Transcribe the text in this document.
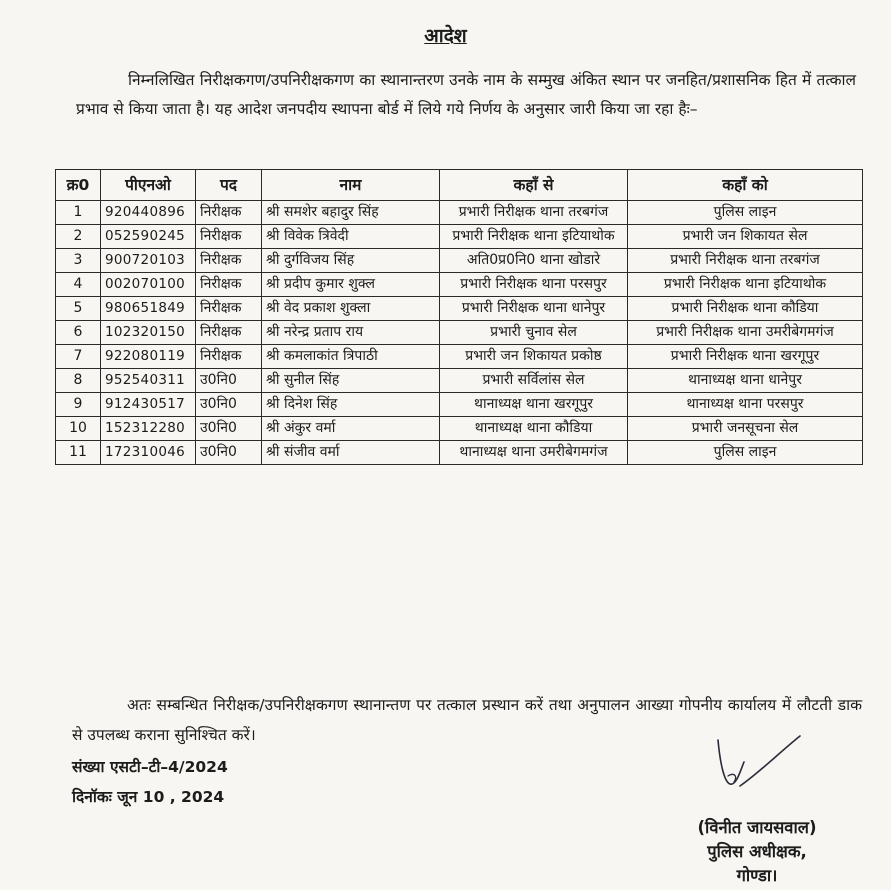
आदेश
निम्नलिखित निरीक्षकगण/उपनिरीक्षकगण का स्थानान्तरण उनके नाम के सम्मुख अंकित स्थान पर जनहित/प्रशासनिक हित में तत्काल प्रभाव से किया जाता है। यह आदेश जनपदीय स्थापना बोर्ड में लिये गये निर्णय के अनुसार जारी किया जा रहा हैः–
क्र0	पीएनओ	पद	नाम	कहाँ से	कहाँ को
1	920440896	निरीक्षक	श्री समशेर बहादुर सिंह	प्रभारी निरीक्षक थाना तरबगंज	पुलिस लाइन
2	052590245	निरीक्षक	श्री विवेक त्रिवेदी	प्रभारी निरीक्षक थाना इटियाथोक	प्रभारी जन शिकायत सेल
3	900720103	निरीक्षक	श्री दुर्गविजय सिंह	अति0प्र0नि0 थाना खोडारे	प्रभारी निरीक्षक थाना तरबगंज
4	002070100	निरीक्षक	श्री प्रदीप कुमार शुक्ल	प्रभारी निरीक्षक थाना परसपुर	प्रभारी निरीक्षक थाना इटियाथोक
5	980651849	निरीक्षक	श्री वेद प्रकाश शुक्ला	प्रभारी निरीक्षक थाना धानेपुर	प्रभारी निरीक्षक थाना कौडिया
6	102320150	निरीक्षक	श्री नरेन्द्र प्रताप राय	प्रभारी चुनाव सेल	प्रभारी निरीक्षक थाना उमरीबेगमगंज
7	922080119	निरीक्षक	श्री कमलाकांत त्रिपाठी	प्रभारी जन शिकायत प्रकोष्ठ	प्रभारी निरीक्षक थाना खरगूपुर
8	952540311	उ0नि0	श्री सुनील सिंह	प्रभारी सर्विलांस सेल	थानाध्यक्ष थाना धानेपुर
9	912430517	उ0नि0	श्री दिनेश सिंह	थानाध्यक्ष थाना खरगूपुर	थानाध्यक्ष थाना परसपुर
10	152312280	उ0नि0	श्री अंकुर वर्मा	थानाध्यक्ष थाना कौडिया	प्रभारी जनसूचना सेल
11	172310046	उ0नि0	श्री संजीव वर्मा	थानाध्यक्ष थाना उमरीबेगमगंज	पुलिस लाइन
अतः सम्बन्धित निरीक्षक/उपनिरीक्षकगण स्थानान्तण पर तत्काल प्रस्थान करें तथा अनुपालन आख्या गोपनीय कार्यालय में लौटती डाक से उपलब्ध कराना सुनिश्चित करें।
संख्या एसटी–टी–4/2024
दिनॉकः जून 10 , 2024
(विनीत जायसवाल)
पुलिस अधीक्षक,
गोण्डा।
